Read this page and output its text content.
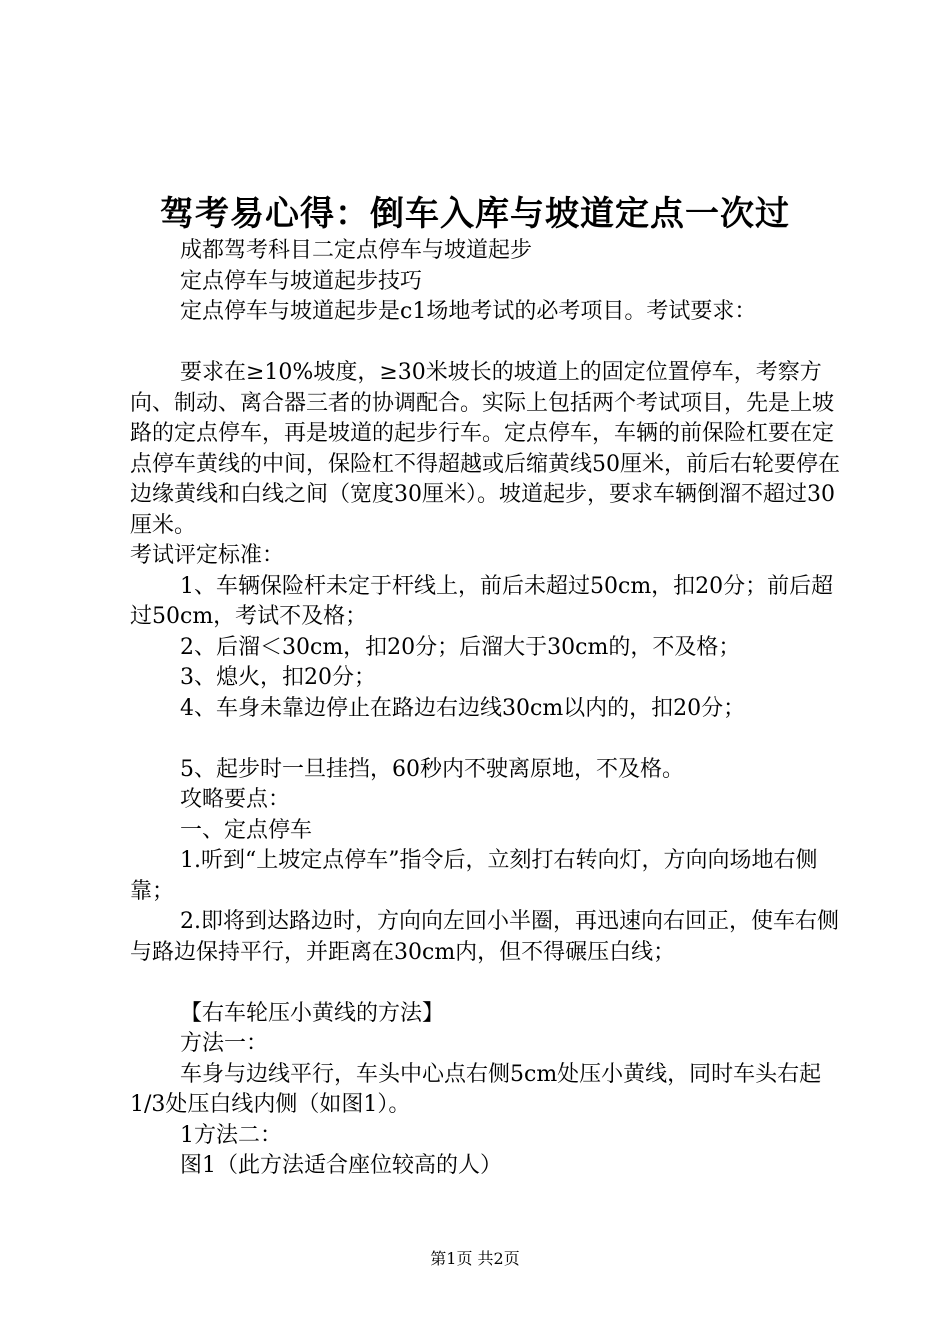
驾考易心得：倒车入库与坡道定点一次过

成都驾考科目二定点停车与坡道起步

定点停车与坡道起步技巧

定点停车与坡道起步是c1场地考试的必考项目。考试要求：

要求在≥10%坡度，≥30米坡长的坡道上的固定位置停车，考察方向、制动、离合器三者的协调配合。实际上包括两个考试项目，先是上坡路的定点停车，再是坡道的起步行车。定点停车，车辆的前保险杠要在定点停车黄线的中间，保险杠不得超越或后缩黄线50厘米，前后右轮要停在边缘黄线和白线之间（宽度30厘米）。坡道起步，要求车辆倒溜不超过30厘米。

考试评定标准：

1、车辆保险杆未定于杆线上，前后未超过50cm，扣20分；前后超过50cm，考试不及格；

2、后溜＜30cm，扣20分；后溜大于30cm的，不及格；

3、熄火，扣20分；

4、车身未靠边停止在路边右边线30cm以内的，扣20分；

5、起步时一旦挂挡，60秒内不驶离原地，不及格。

攻略要点：

一、定点停车

1.听到“上坡定点停车”指令后，立刻打右转向灯，方向向场地右侧靠；

2.即将到达路边时，方向向左回小半圈，再迅速向右回正，使车右侧与路边保持平行，并距离在30cm内，但不得碾压白线；

【右车轮压小黄线的方法】

方法一：

车身与边线平行，车头中心点右侧5cm处压小黄线，同时车头右起1/3处压白线内侧（如图1）。

1方法二：

图1（此方法适合座位较高的人）

第1页 共2页
